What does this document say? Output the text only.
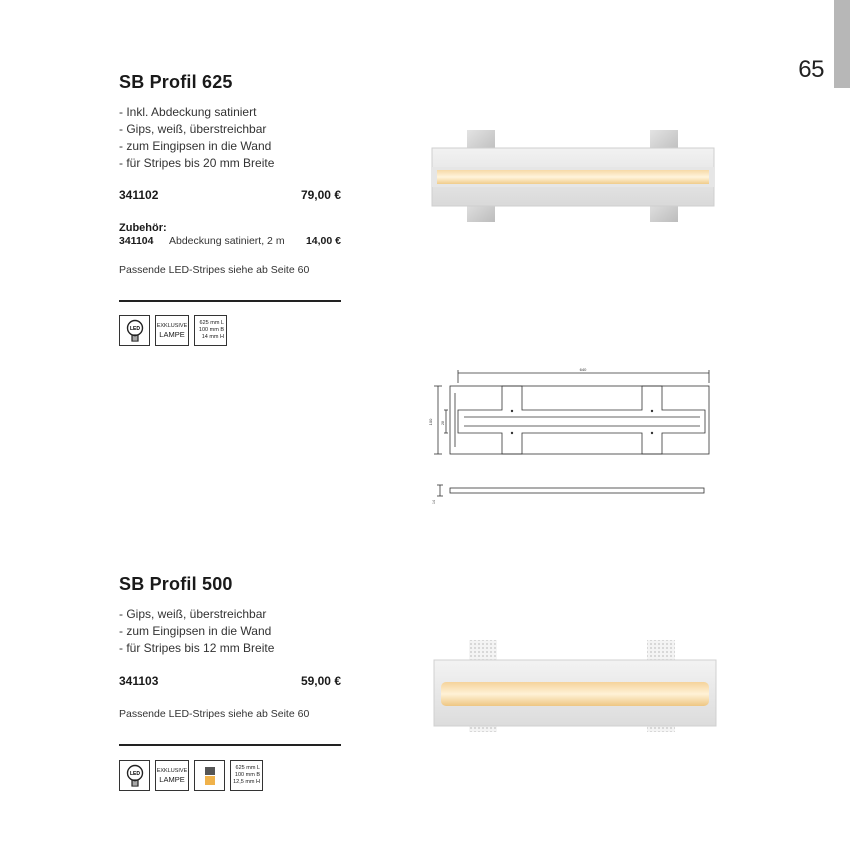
65
SB Profil 625
- Inkl. Abdeckung satiniert
- Gips, weiß, überstreichbar
- zum Eingipsen in die Wand
- für Stripes bis 20 mm Breite
341102	79,00 €
Zubehör:
341104	Abdeckung satiniert, 2 m	14,00 €
Passende LED-Stripes siehe ab Seite 60
LED	EXKLUSIVE
LAMPE
625 mm L
100 mm B
14 mm H
640
100 28
14
SB Profil 500
- Gips, weiß, überstreichbar
- zum Eingipsen in die Wand
- für Stripes bis 12 mm Breite
341103	59,00 €
Passende LED-Stripes siehe ab Seite 60
LED	EXKLUSIVE
LAMPE
625 mm L
100 mm B
12,5 mm H
